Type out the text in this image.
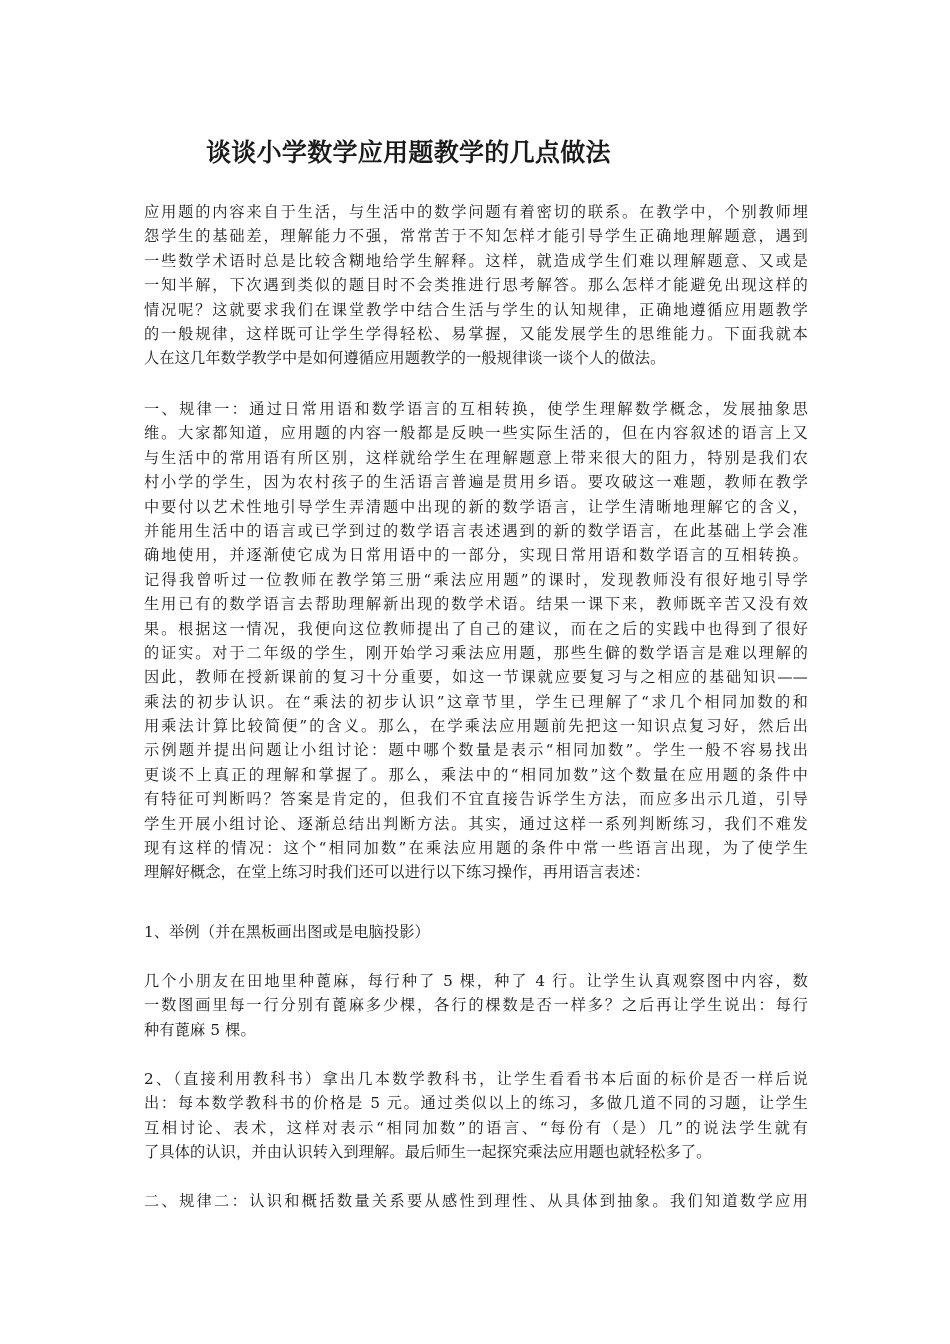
谈谈小学数学应用题教学的几点做法
应用题的内容来自于生活，与生活中的数学问题有着密切的联系。在教学中，个别教师埋
怨学生的基础差，理解能力不强，常常苦于不知怎样才能引导学生正确地理解题意，遇到
一些数学术语时总是比较含糊地给学生解释。这样，就造成学生们难以理解题意、又或是
一知半解，下次遇到类似的题目时不会类推进行思考解答。那么怎样才能避免出现这样的
情况呢？这就要求我们在课堂教学中结合生活与学生的认知规律，正确地遵循应用题教学
的一般规律，这样既可让学生学得轻松、易掌握，又能发展学生的思维能力。下面我就本
人在这几年数学教学中是如何遵循应用题教学的一般规律谈一谈个人的做法。
一、规律一：通过日常用语和数学语言的互相转换，使学生理解数学概念，发展抽象思
维。大家都知道，应用题的内容一般都是反映一些实际生活的，但在内容叙述的语言上又
与生活中的常用语有所区别，这样就给学生在理解题意上带来很大的阻力，特别是我们农
村小学的学生，因为农村孩子的生活语言普遍是贯用乡语。要攻破这一难题，教师在教学
中要付以艺术性地引导学生弄清题中出现的新的数学语言，让学生清晰地理解它的含义，
并能用生活中的语言或已学到过的数学语言表述遇到的新的数学语言，在此基础上学会准
确地使用，并逐渐使它成为日常用语中的一部分，实现日常用语和数学语言的互相转换。
记得我曾听过一位教师在教学第三册“乘法应用题”的课时，发现教师没有很好地引导学
生用已有的数学语言去帮助理解新出现的数学术语。结果一课下来，教师既辛苦又没有效
果。根据这一情况，我便向这位教师提出了自己的建议，而在之后的实践中也得到了很好
的证实。对于二年级的学生，刚开始学习乘法应用题，那些生僻的数学语言是难以理解的
因此，教师在授新课前的复习十分重要，如这一节课就应要复习与之相应的基础知识——
乘法的初步认识。在“乘法的初步认识”这章节里，学生已理解了“求几个相同加数的和
用乘法计算比较简便”的含义。那么，在学乘法应用题前先把这一知识点复习好，然后出
示例题并提出问题让小组讨论：题中哪个数量是表示“相同加数”。学生一般不容易找出
更谈不上真正的理解和掌握了。那么，乘法中的“相同加数”这个数量在应用题的条件中
有特征可判断吗？答案是肯定的，但我们不宜直接告诉学生方法，而应多出示几道，引导
学生开展小组讨论、逐渐总结出判断方法。其实，通过这样一系列判断练习，我们不难发
现有这样的情况：这个“相同加数”在乘法应用题的条件中常一些语言出现，为了使学生
理解好概念，在堂上练习时我们还可以进行以下练习操作，再用语言表述：
1、举例（并在黑板画出图或是电脑投影）
几个小朋友在田地里种蓖麻，每行种了 5 棵，种了 4 行。让学生认真观察图中内容，数
一数图画里每一行分别有蓖麻多少棵，各行的棵数是否一样多？之后再让学生说出：每行
种有蓖麻 5 棵。
2、（直接利用教科书）拿出几本数学教科书，让学生看看书本后面的标价是否一样后说
出：每本数学教科书的价格是 5 元。通过类似以上的练习，多做几道不同的习题，让学生
互相讨论、表术，这样对表示“相同加数”的语言、“每份有（是）几”的说法学生就有
了具体的认识，并由认识转入到理解。最后师生一起探究乘法应用题也就轻松多了。
二、规律二：认识和概括数量关系要从感性到理性、从具体到抽象。我们知道数学应用
